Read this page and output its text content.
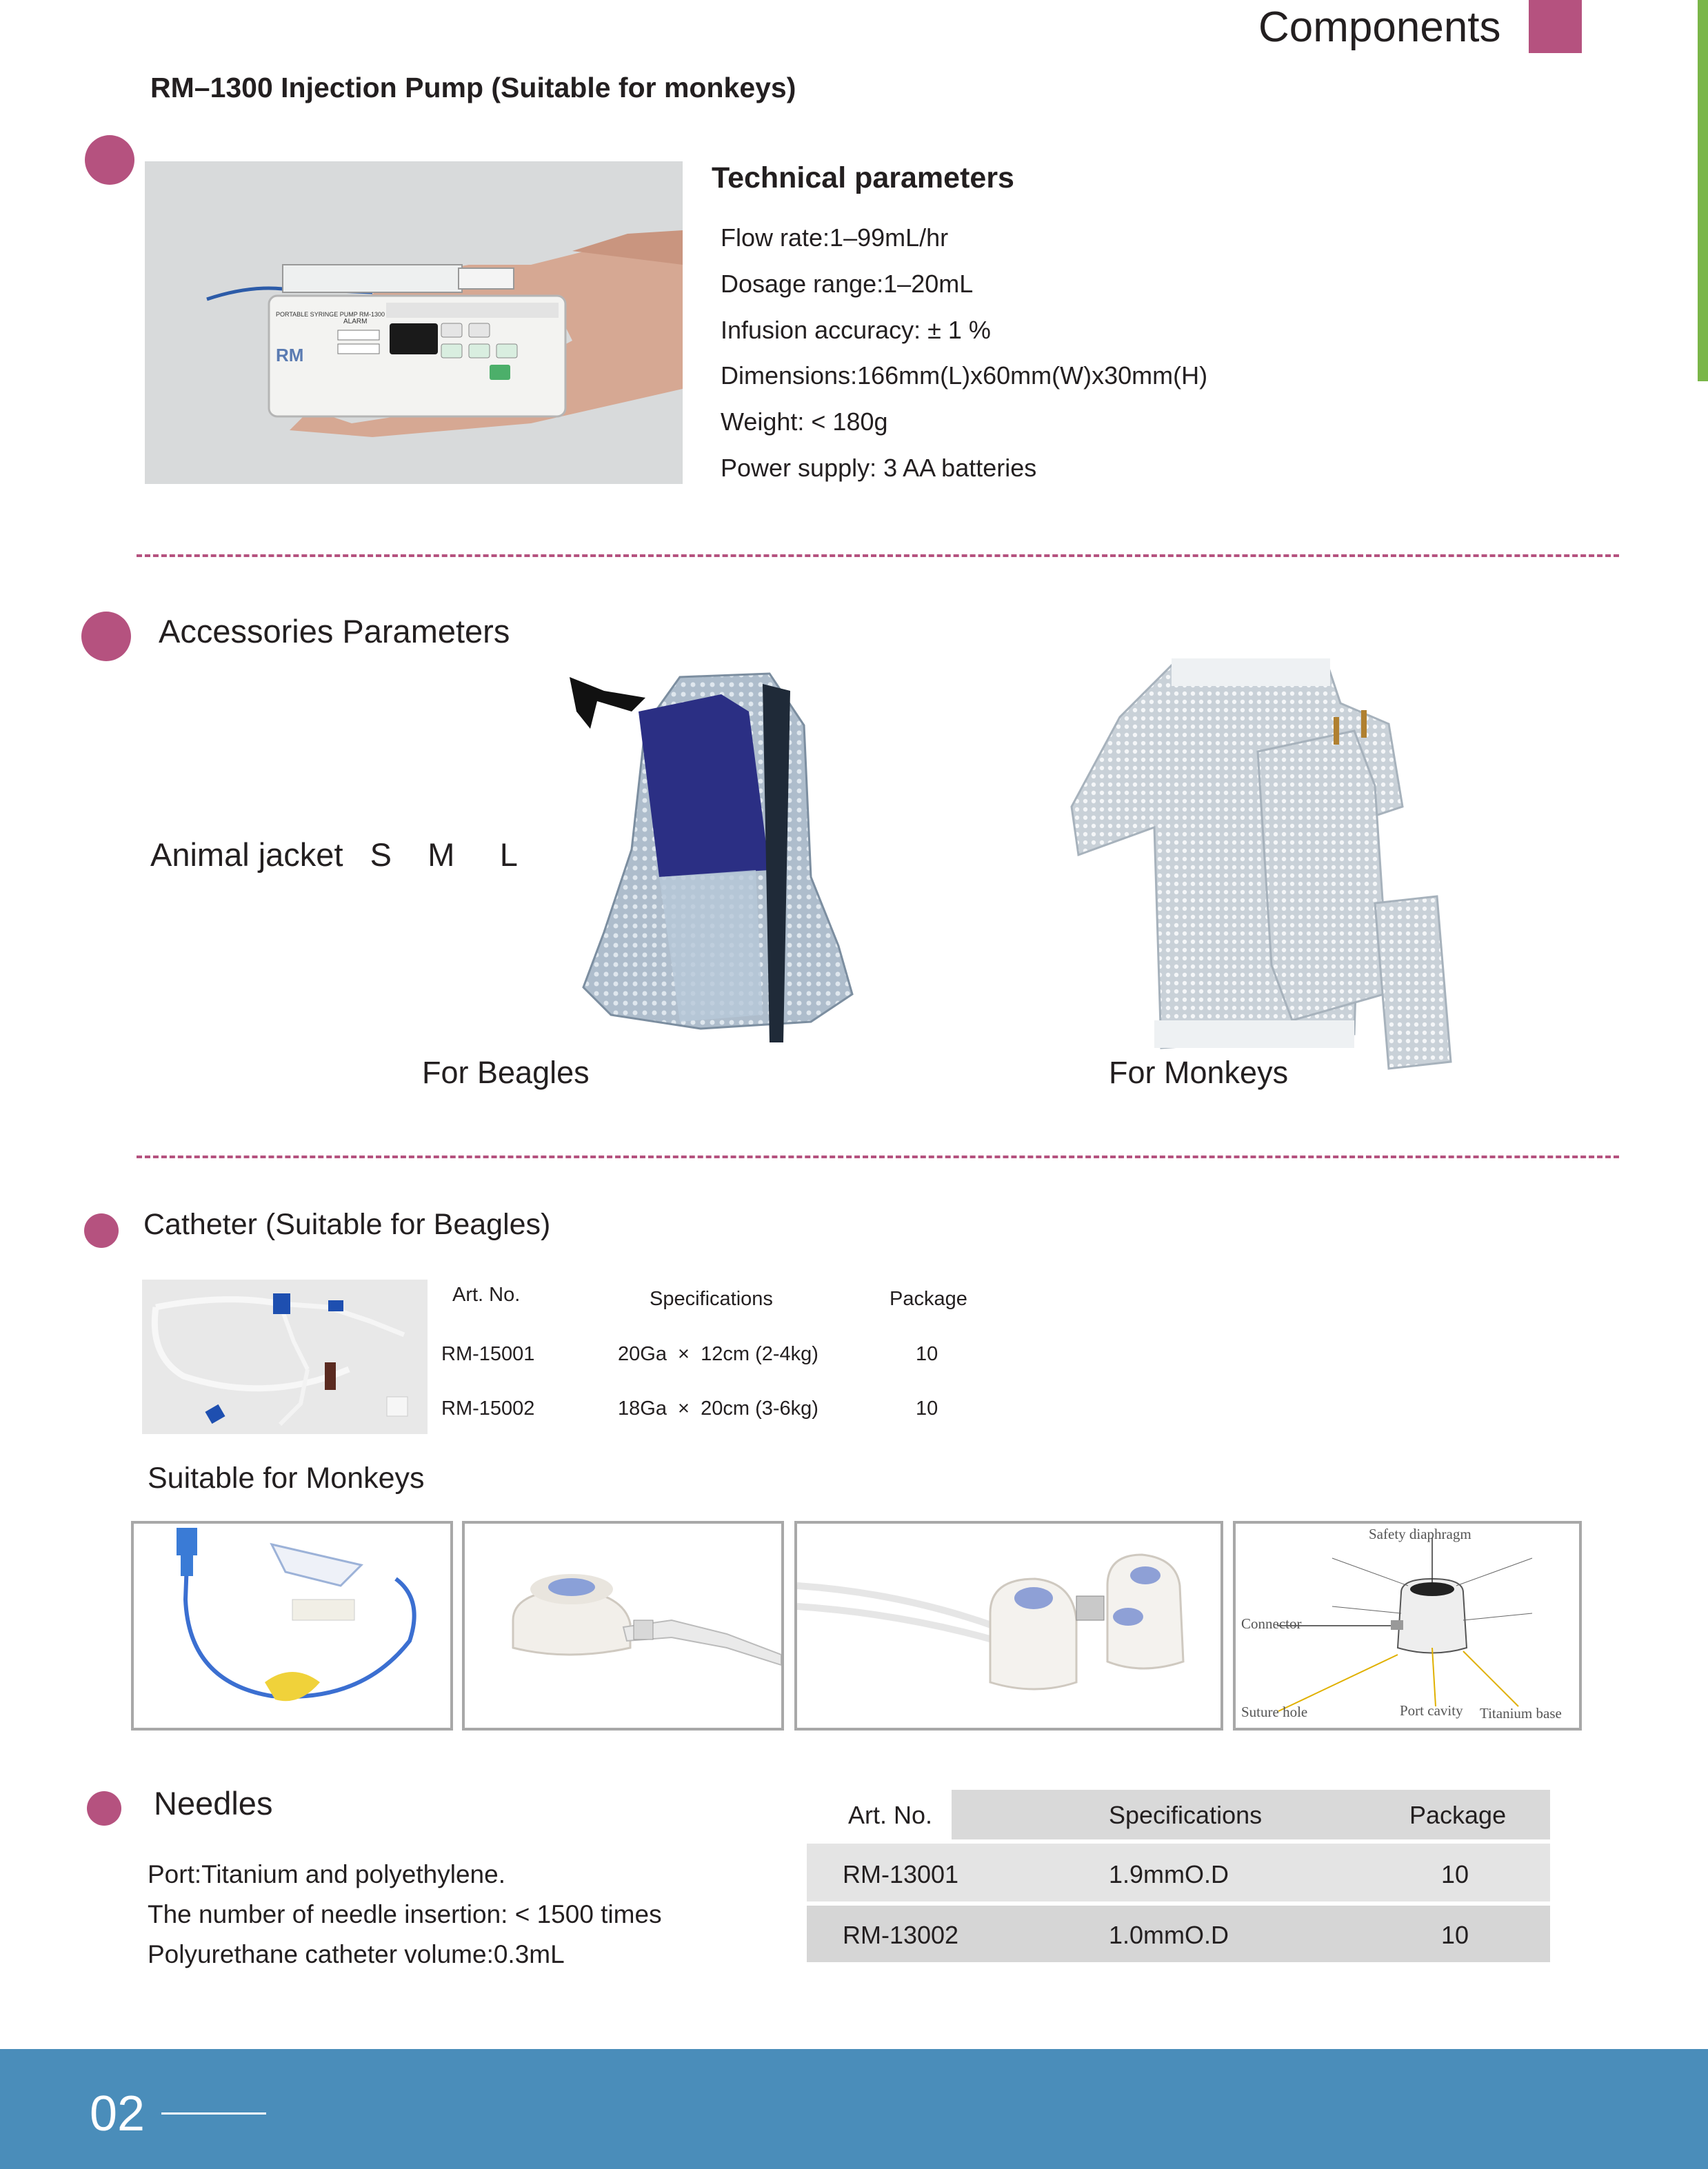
Components
RM–1300 Injection Pump (Suitable for monkeys)
PORTABLE SYRINGE PUMP RM-1300
ALARM
RM
Technical parameters
Flow rate:1–99mL/hr
Dosage range:1–20mL
Infusion accuracy: ± 1 %
Dimensions:166mm(L)x60mm(W)x30mm(H)
Weight: < 180g
Power supply: 3 AA batteries
Accessories Parameters
Animal jacket   S    M     L
For Beagles	For Monkeys
Catheter (Suitable for Beagles)
Art. No.	Specifications	Package
RM-15001	20Ga  ×  12cm (2-4kg)	10
RM-15002	18Ga  ×  20cm (3-6kg)	10
Suitable for Monkeys
Safety diaphragm
Connector
Suture hole	Port cavity Titanium base
Needles
Port:Titanium and polyethylene.
The number of needle insertion: < 1500 times
Polyurethane catheter volume:0.3mL
Art. No.	Specifications	Package
RM-13001	1.9mmO.D	10
RM-13002	1.0mmO.D	10
02
